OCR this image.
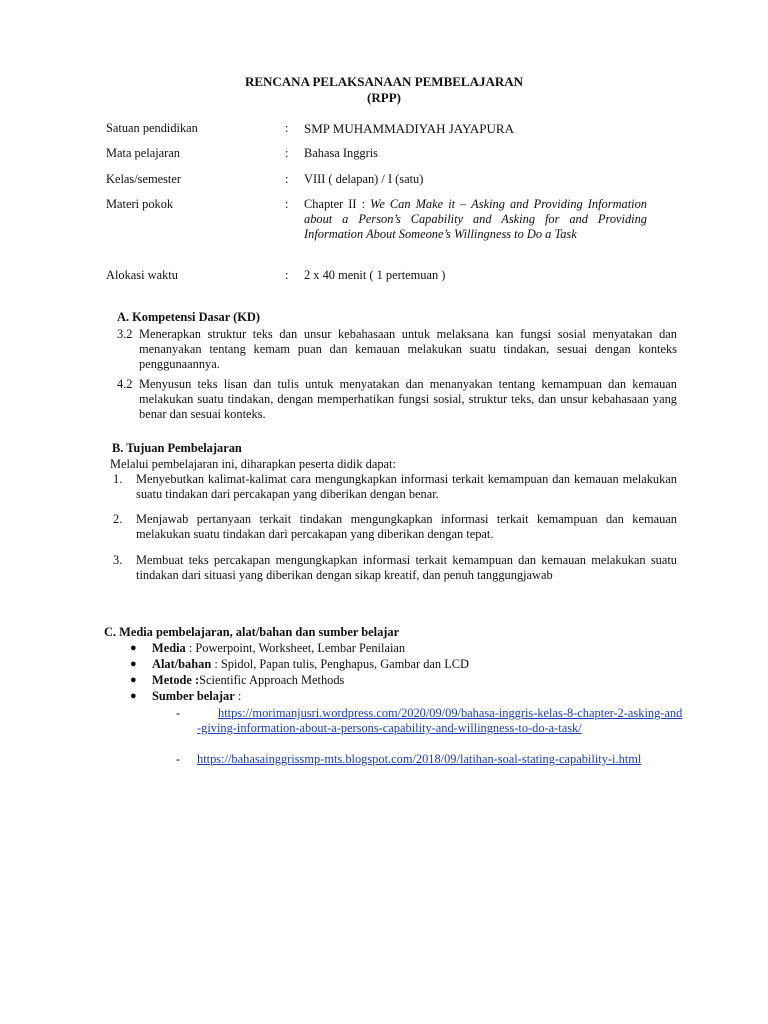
RENCANA PELAKSANAAN PEMBELAJARAN
(RPP)
Satuan pendidikan	: SMP MUHAMMADIYAH JAYAPURA
Mata pelajaran	: Bahasa Inggris
Kelas/semester	: VIII ( delapan) / I (satu)
Materi pokok	: Chapter II : We Can Make it – Asking and Providing Information about a Person’s Capability and Asking for and Providing Information About Someone’s Willingness to Do a Task
Alokasi waktu	: 2 x 40 menit ( 1 pertemuan )
A. Kompetensi Dasar (KD)
3.2 Menerapkan struktur teks dan unsur kebahasaan untuk melaksana kan fungsi sosial menyatakan dan menanyakan tentang kemam puan dan kemauan melakukan suatu tindakan, sesuai dengan konteks penggunaannya.
4.2 Menyusun teks lisan dan tulis untuk menyatakan dan menanyakan tentang kemampuan dan kemauan melakukan suatu tindakan, dengan memperhatikan fungsi sosial, struktur teks, dan unsur kebahasaan yang benar dan sesuai konteks.
B. Tujuan Pembelajaran
Melalui pembelajaran ini, diharapkan peserta didik dapat:
1. Menyebutkan kalimat-kalimat cara mengungkapkan informasi terkait kemampuan dan kemauan melakukan suatu tindakan dari percakapan yang diberikan dengan benar.
2. Menjawab pertanyaan terkait tindakan mengungkapkan informasi terkait kemampuan dan kemauan melakukan suatu tindakan dari percakapan yang diberikan dengan tepat.
3. Membuat teks percakapan mengungkapkan informasi terkait kemampuan dan kemauan melakukan suatu tindakan dari situasi yang diberikan dengan sikap kreatif, dan penuh tanggungjawab
C. Media pembelajaran, alat/bahan dan sumber belajar
● Media : Powerpoint, Worksheet, Lembar Penilaian
● Alat/bahan : Spidol, Papan tulis, Penghapus, Gambar dan LCD
● Metode :Scientific Approach Methods
● Sumber belajar :
-	https://morimanjusri.wordpress.com/2020/09/09/bahasa-inggris-kelas-8-chapter-2-asking-and-giving-information-about-a-persons-capability-and-willingness-to-do-a-task/
- https://bahasainggrissmp-mts.blogspot.com/2018/09/latihan-soal-stating-capability-i.html
